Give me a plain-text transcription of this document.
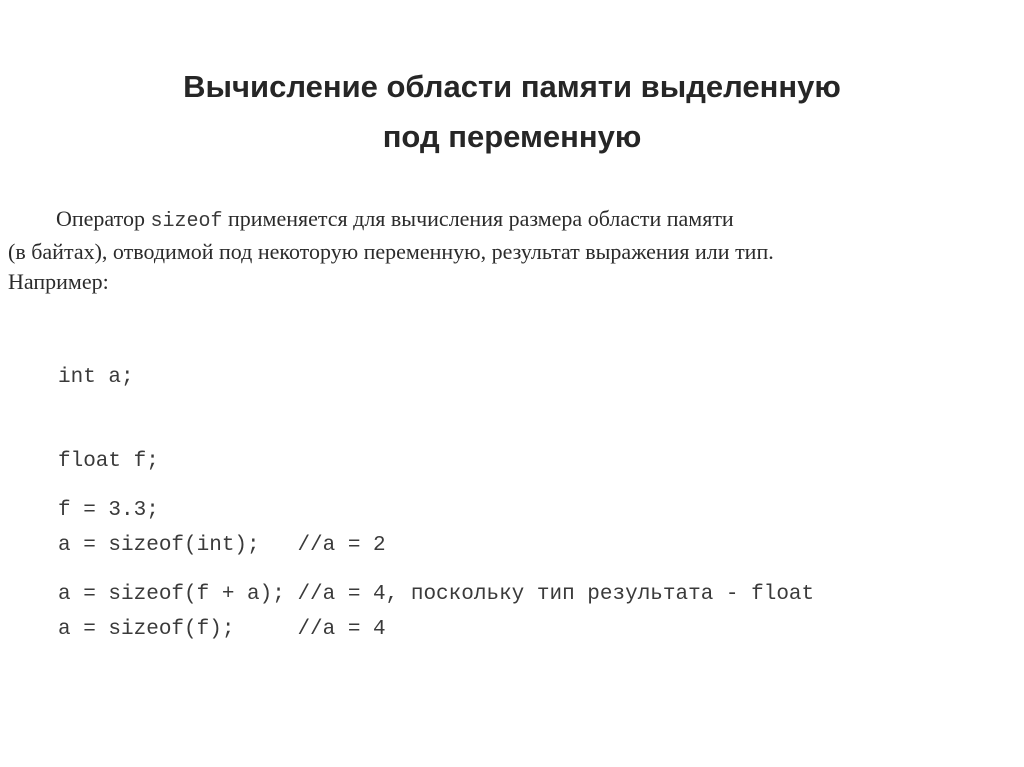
Вычисление области памяти выделенную
под переменную
Оператор sizeof применяется для вычисления размера области памяти
(в байтах), отводимой под некоторую переменную, результат выражения или тип.
Например:

int a;

float f;

a = sizeof(int);   //a = 2

a = sizeof(f);     //a = 4

f = 3.3;

a = sizeof(f + a); //a = 4, поскольку тип результата - float
